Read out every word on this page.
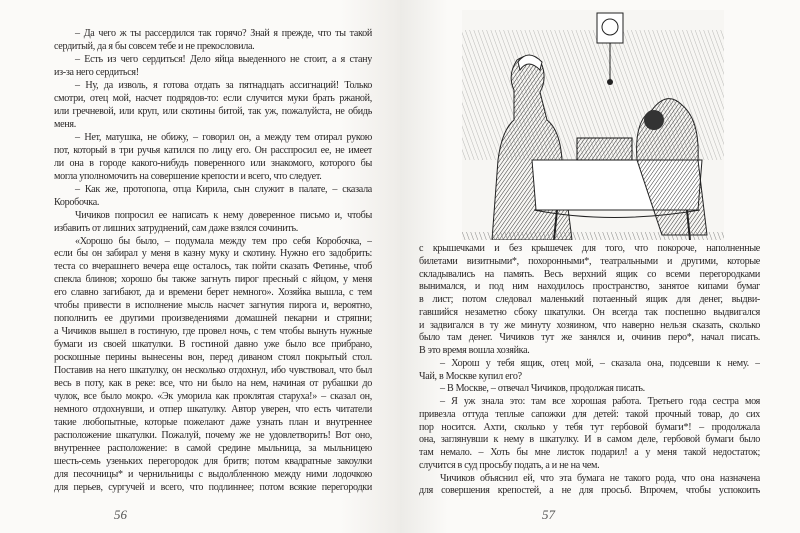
– Да чего ж ты рассердился так горячо? Знай я прежде, что ты такой
сердитый, да я бы совсем тебе и не прекословила.
– Есть из чего сердиться! Дело яйца выеденного не стоит, а я стану
из-за него сердиться!
– Ну, да изволь, я готова отдать за пятнадцать ассигнаций! Только
смотри, отец мой, насчет подрядов-то: если случится муки брать ржаной,
или гречневой, или круп, или скотины битой, так уж, пожалуйста, не обидь
меня.
– Нет, матушка, не обижу, – говорил он, а между тем отирал рукою
пот, который в три ручья катился по лицу его. Он расспросил ее, не имеет
ли она в городе какого-нибудь поверенного или знакомого, которого бы
могла уполномочить на совершение крепости и всего, что следует.
– Как же, протопопа, отца Кирила, сын служит в палате, – сказала
Коробочка.
Чичиков попросил ее написать к нему доверенное письмо и, чтобы
избавить от лишних затруднений, сам даже взялся сочинить.
«Хорошо бы было, – подумала между тем про себя Коробочка, –
если бы он забирал у меня в казну муку и скотину. Нужно его задобрить:
теста со вчерашнего вечера еще осталось, так пойти сказать Фетинье, чтоб
спекла блинов; хорошо бы также загнуть пирог пресный с яйцом, у меня
его славно загибают, да и времени берет немного». Хозяйка вышла, с тем
чтобы привести в исполнение мысль насчет загнутия пирога и, вероятно,
пополнить ее другими произведениями домашней пекарни и стряпни;
а Чичиков вышел в гостиную, где провел ночь, с тем чтобы вынуть нужные
бумаги из своей шкатулки. В гостиной давно уже было все прибрано,
роскошные перины вынесены вон, перед диваном стоял покрытый стол.
Поставив на него шкатулку, он несколько отдохнул, ибо чувствовал, что был
весь в поту, как в реке: все, что ни было на нем, начиная от рубашки до
чулок, все было мокро. «Эк уморила как проклятая старуха!» – сказал он,
немного отдохнувши, и отпер шкатулку. Автор уверен, что есть читатели
такие любопытные, которые пожелают даже узнать план и внутреннее
расположение шкатулки. Пожалуй, почему же не удовлетворить! Вот оно,
внутреннее расположение: в самой средине мыльница, за мыльницею
шесть-семь узеньких перегородок для бритв; потом квадратные закоулки
для песочницы* и чернильницы с выдолбленною между ними лодочкою
для перьев, сургучей и всего, что подлиннее; потом всякие перегородки
56
с крышечками и без крышечек для того, что покороче, наполненные
билетами визитными*, похоронными*, театральными и другими, которые
складывались на память. Весь верхний ящик со всеми перегородками
вынимался, и под ним находилось пространство, занятое кипами бумаг
в лист; потом следовал маленький потаенный ящик для денег, выдви-
гавшийся незаметно сбоку шкатулки. Он всегда так поспешно выдвигался
и задвигался в ту же минуту хозяином, что наверно нельзя сказать, сколько
было там денег. Чичиков тут же занялся и, очинив перо*, начал писать.
В это время вошла хозяйка.
– Хорош у тебя ящик, отец мой, – сказала она, подсевши к нему. –
Чай, в Москве купил его?
– В Москве, – отвечал Чичиков, продолжая писать.
– Я уж знала это: там все хорошая работа. Третьего года сестра моя
привезла оттуда теплые сапожки для детей: такой прочный товар, до сих
пор носится. Ахти, сколько у тебя тут гербовой бумаги*! – продолжала
она, заглянувши к нему в шкатулку. И в самом деле, гербовой бумаги было
там немало. – Хоть бы мне листок подарил! а у меня такой недостаток;
случится в суд просьбу подать, а и не на чем.
Чичиков объяснил ей, что эта бумага не такого рода, что она назначена
для совершения крепостей, а не для просьб. Впрочем, чтобы успокоить
57
